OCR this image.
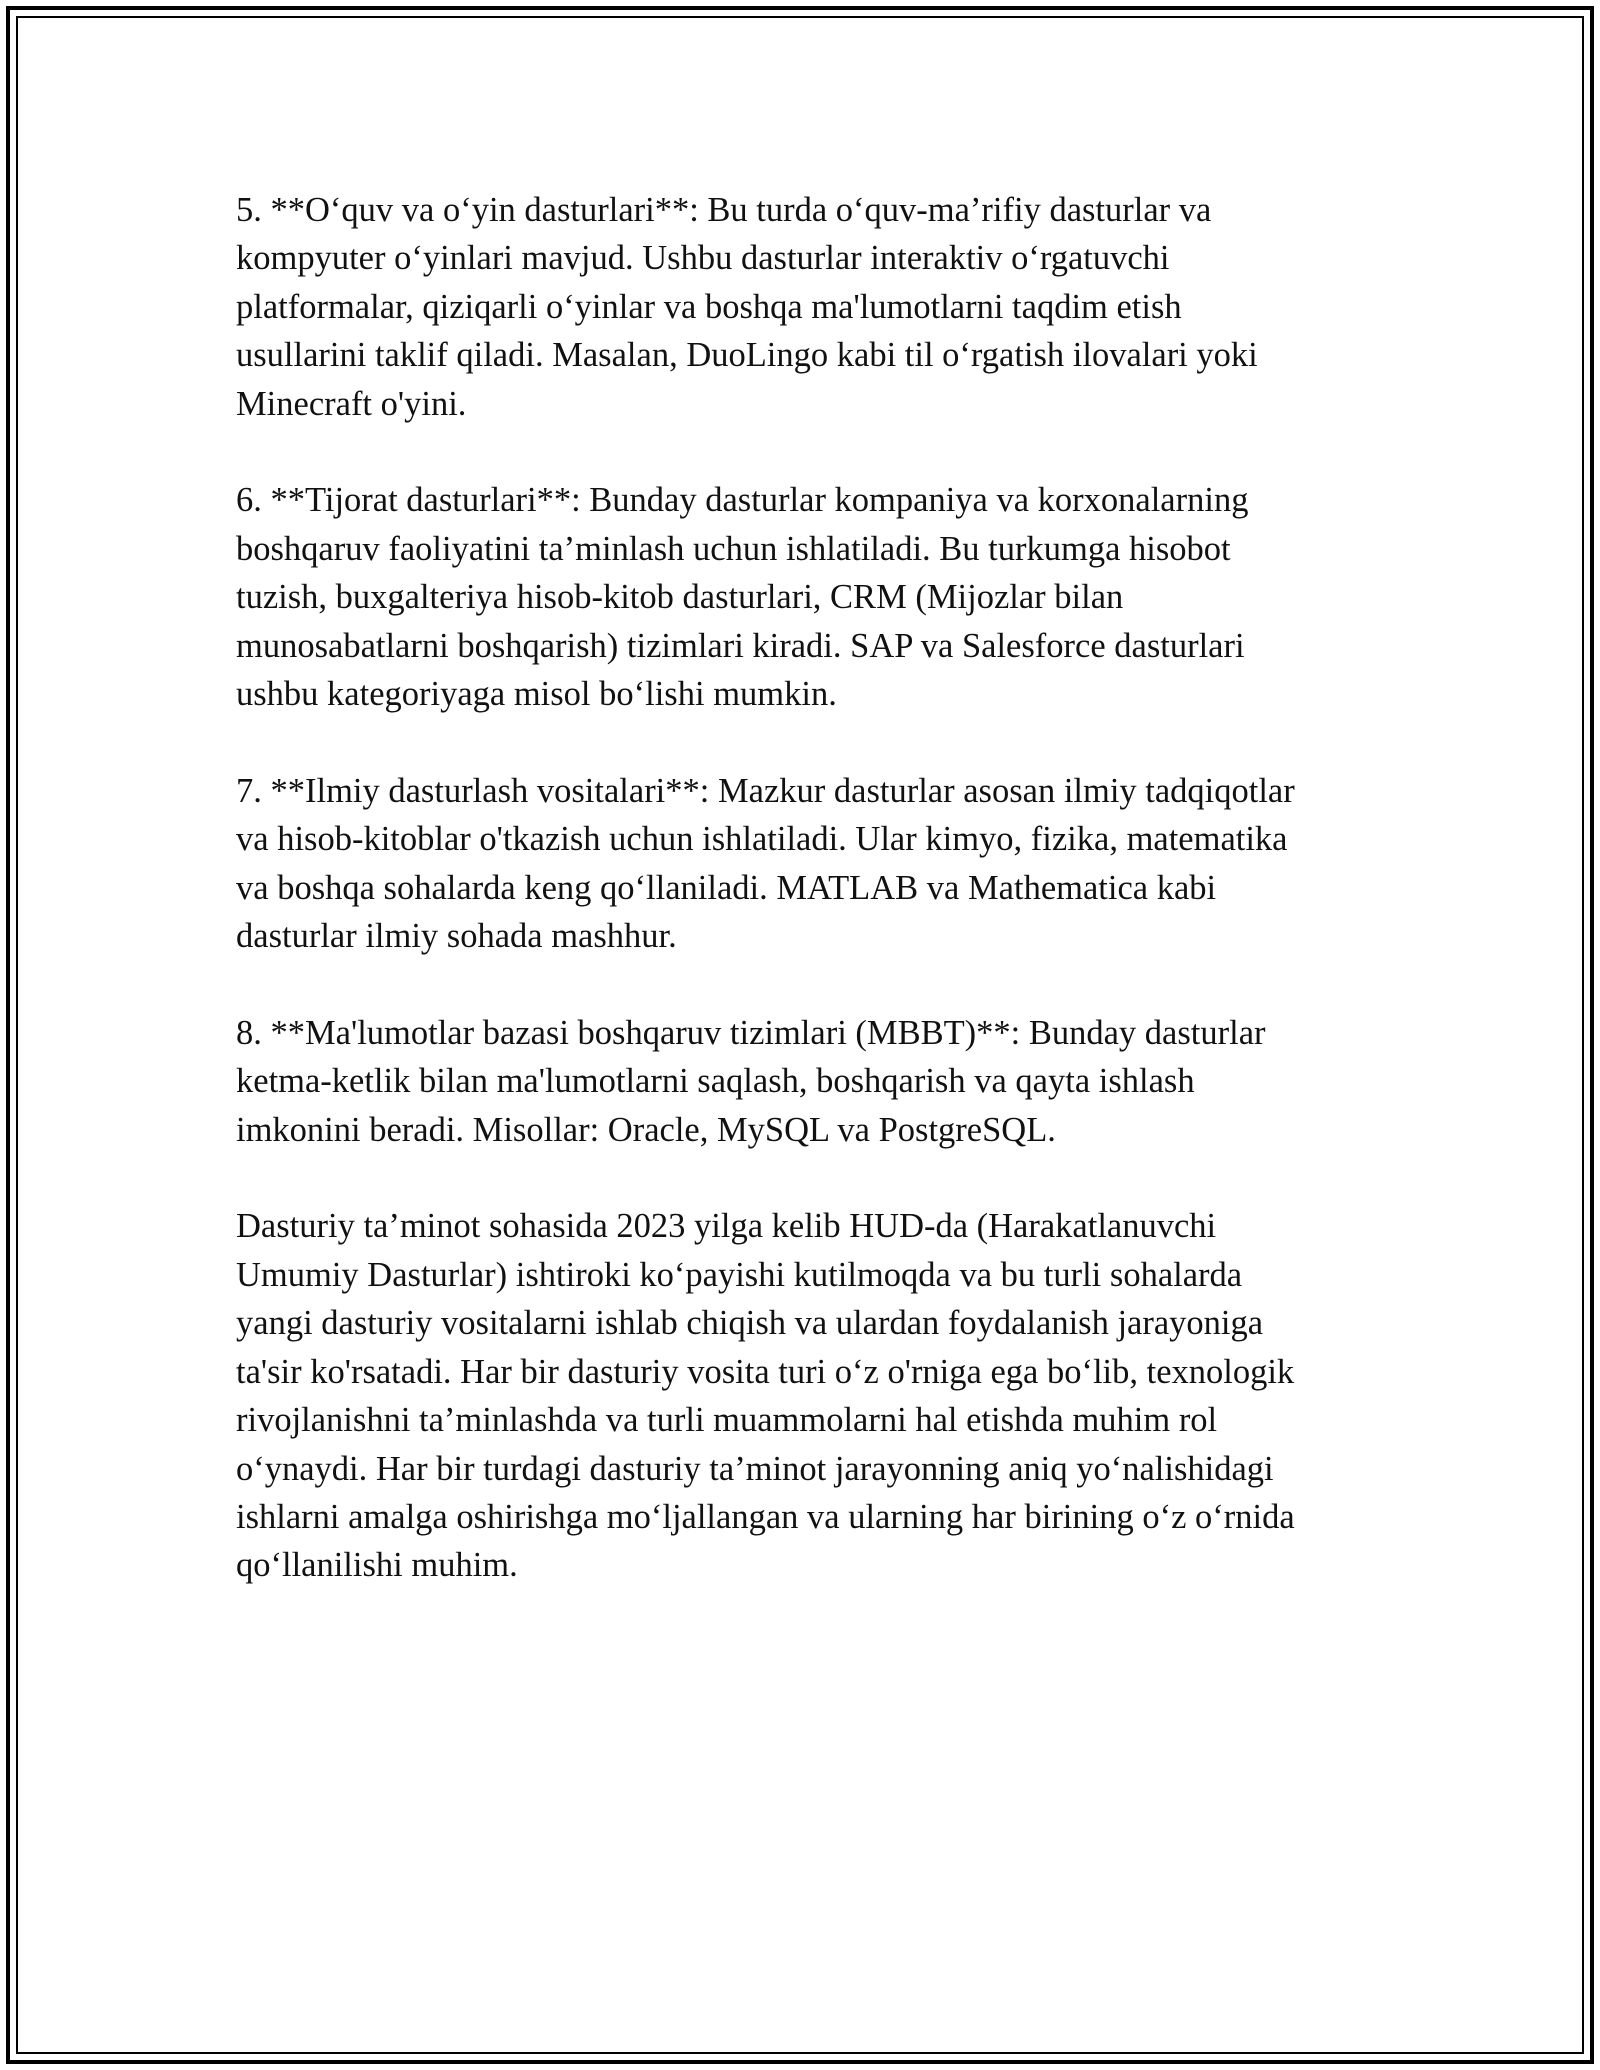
5. **O‘quv va o‘yin dasturlari**: Bu turda o‘quv-ma’rifiy dasturlar va
kompyuter o‘yinlari mavjud. Ushbu dasturlar interaktiv o‘rgatuvchi
platformalar, qiziqarli o‘yinlar va boshqa ma'lumotlarni taqdim etish
usullarini taklif qiladi. Masalan, DuoLingo kabi til o‘rgatish ilovalari yoki
Minecraft o'yini.
6. **Tijorat dasturlari**: Bunday dasturlar kompaniya va korxonalarning
boshqaruv faoliyatini ta’minlash uchun ishlatiladi. Bu turkumga hisobot
tuzish, buxgalteriya hisob-kitob dasturlari, CRM (Mijozlar bilan
munosabatlarni boshqarish) tizimlari kiradi. SAP va Salesforce dasturlari
ushbu kategoriyaga misol bo‘lishi mumkin.
7. **Ilmiy dasturlash vositalari**: Mazkur dasturlar asosan ilmiy tadqiqotlar
va hisob-kitoblar o'tkazish uchun ishlatiladi. Ular kimyo, fizika, matematika
va boshqa sohalarda keng qo‘llaniladi. MATLAB va Mathematica kabi
dasturlar ilmiy sohada mashhur.
8. **Ma'lumotlar bazasi boshqaruv tizimlari (MBBT)**: Bunday dasturlar
ketma-ketlik bilan ma'lumotlarni saqlash, boshqarish va qayta ishlash
imkonini beradi. Misollar: Oracle, MySQL va PostgreSQL.
Dasturiy ta’minot sohasida 2023 yilga kelib HUD-da (Harakatlanuvchi
Umumiy Dasturlar) ishtiroki ko‘payishi kutilmoqda va bu turli sohalarda
yangi dasturiy vositalarni ishlab chiqish va ulardan foydalanish jarayoniga
ta'sir ko'rsatadi. Har bir dasturiy vosita turi o‘z o'rniga ega bo‘lib, texnologik
rivojlanishni ta’minlashda va turli muammolarni hal etishda muhim rol
o‘ynaydi. Har bir turdagi dasturiy ta’minot jarayonning aniq yo‘nalishidagi
ishlarni amalga oshirishga mo‘ljallangan va ularning har birining o‘z o‘rnida
qo‘llanilishi muhim.
